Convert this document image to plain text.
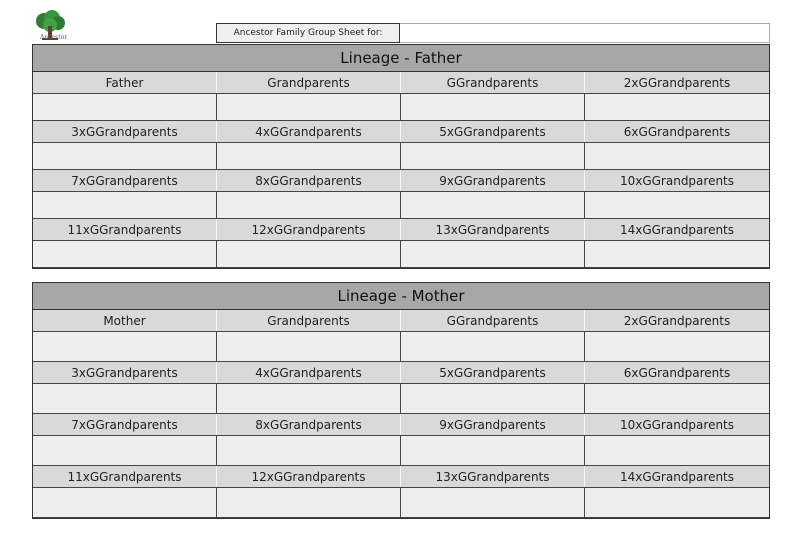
Ancestor	Ancestor Family Group Sheet for:
Lineage - Father
Father	Grandparents	GGrandparents	2xGGrandparents
3xGGrandparents	4xGGrandparents	5xGGrandparents	6xGGrandparents
7xGGrandparents	8xGGrandparents	9xGGrandparents	10xGGrandparents
11xGGrandparents	12xGGrandparents	13xGGrandparents	14xGGrandparents
Lineage - Mother
Mother	Grandparents	GGrandparents	2xGGrandparents
3xGGrandparents	4xGGrandparents	5xGGrandparents	6xGGrandparents
7xGGrandparents	8xGGrandparents	9xGGrandparents	10xGGrandparents
11xGGrandparents	12xGGrandparents	13xGGrandparents	14xGGrandparents
